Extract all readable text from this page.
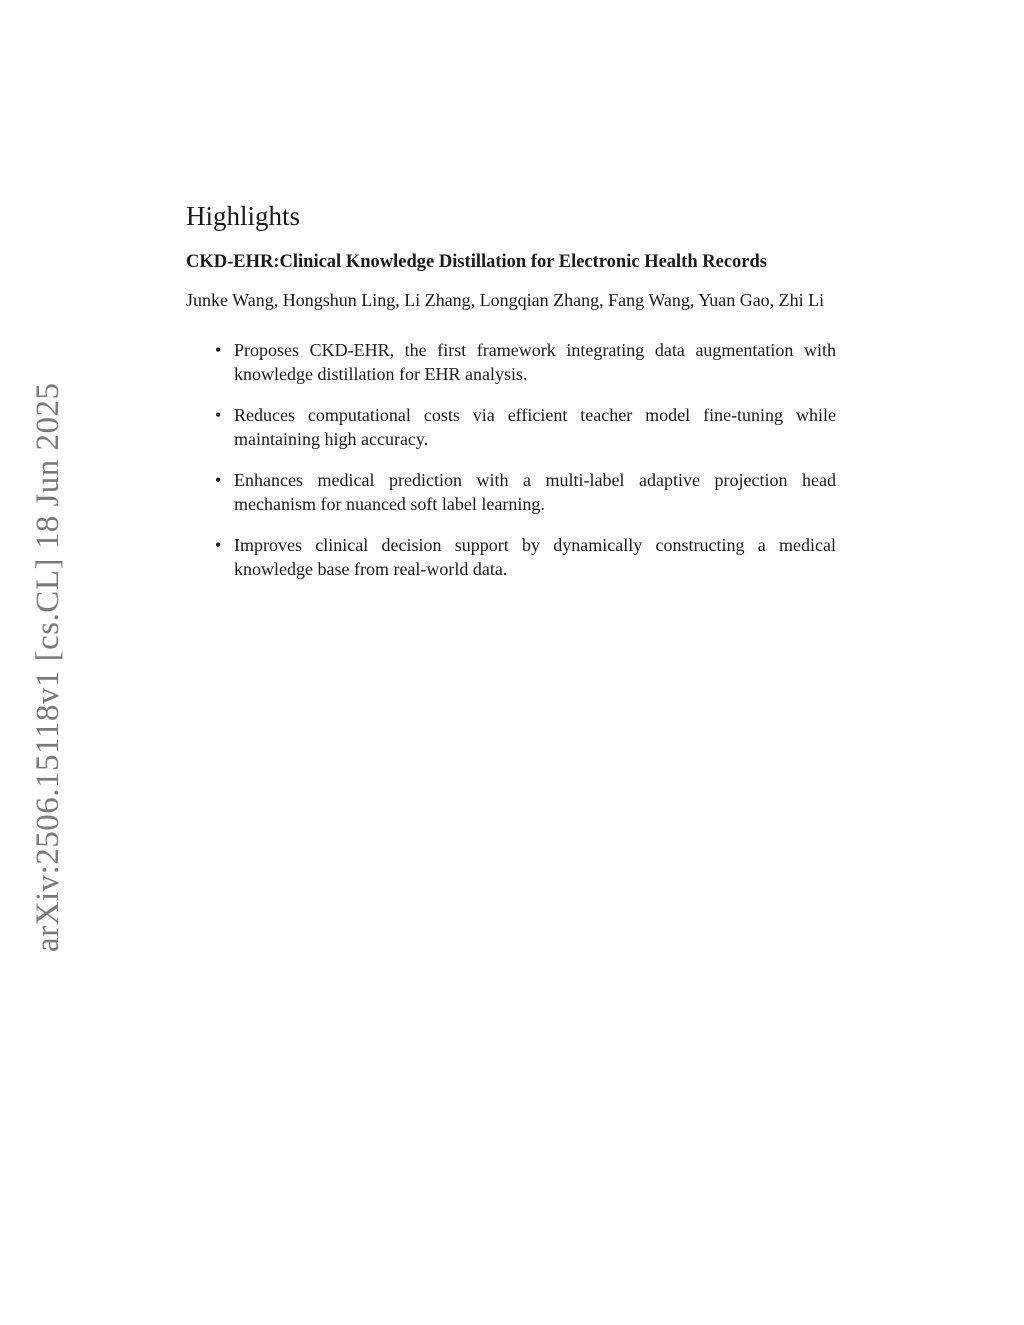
arXiv:2506.15118v1 [cs.CL] 18 Jun 2025
Highlights
CKD-EHR:Clinical Knowledge Distillation for Electronic Health Records
Junke Wang, Hongshun Ling, Li Zhang, Longqian Zhang, Fang Wang, Yuan Gao, Zhi Li
• Proposes CKD-EHR, the first framework integrating data augmentation with knowledge distillation for EHR analysis.
• Reduces computational costs via efficient teacher model fine-tuning while maintaining high accuracy.
• Enhances medical prediction with a multi-label adaptive projection head mechanism for nuanced soft label learning.
• Improves clinical decision support by dynamically constructing a medical knowledge base from real-world data.
